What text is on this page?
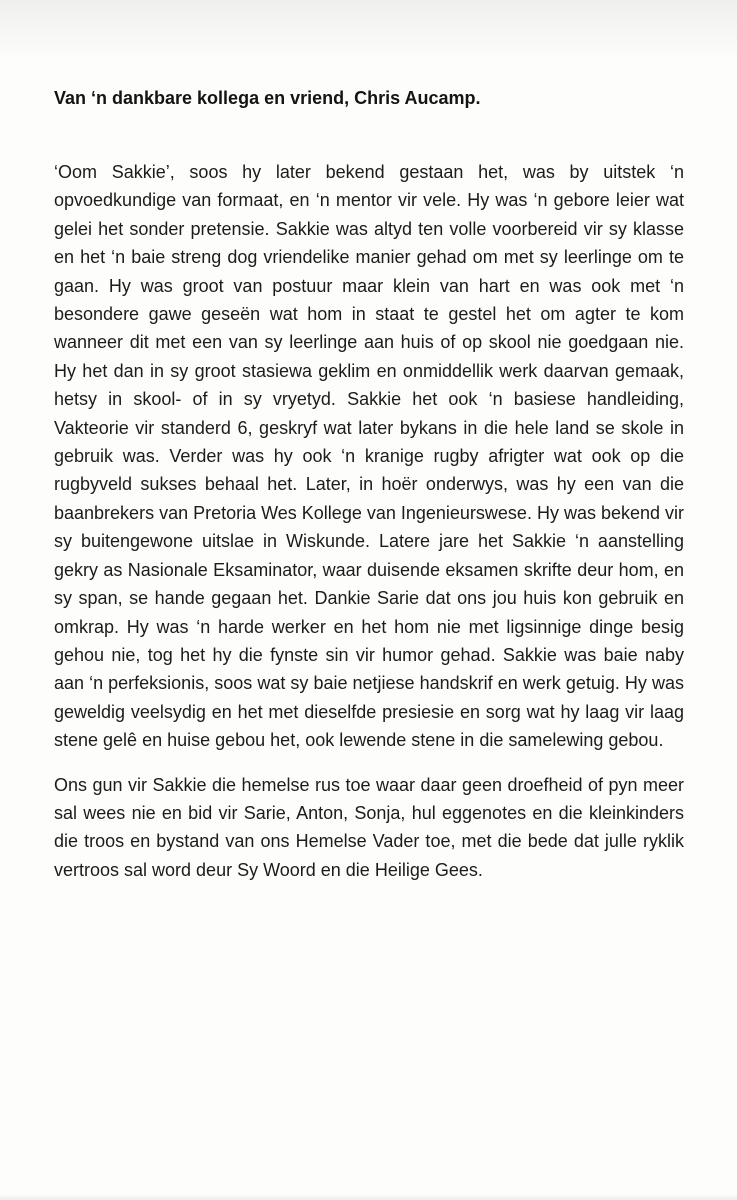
Van ‘n dankbare kollega en vriend, Chris Aucamp.

‘Oom Sakkie’, soos hy later bekend gestaan het, was by uitstek ‘n opvoedkundige van formaat, en ‘n mentor vir vele. Hy was ‘n gebore leier wat gelei het sonder pretensie. Sakkie was altyd ten volle voorbereid vir sy klasse en het ‘n baie streng dog vriendelike manier gehad om met sy leerlinge om te gaan. Hy was groot van postuur maar klein van hart en was ook met ‘n besondere gawe geseën wat hom in staat te gestel het om agter te kom wanneer dit met een van sy leerlinge aan huis of op skool nie goedgaan nie. Hy het dan in sy groot stasiewa geklim en onmiddellik werk daarvan gemaak, hetsy in skool- of in sy vryetyd. Sakkie het ook ‘n basiese handleiding, Vakteorie vir standerd 6, geskryf wat later bykans in die hele land se skole in gebruik was. Verder was hy ook ‘n kranige rugby afrigter wat ook op die rugbyveld sukses behaal het. Later, in hoër onderwys, was hy een van die baanbrekers van Pretoria Wes Kollege van Ingenieurswese. Hy was bekend vir sy buitengewone uitslae in Wiskunde. Latere jare het Sakkie ‘n aanstelling gekry as Nasionale Eksaminator, waar duisende eksamen skrifte deur hom, en sy span, se hande gegaan het. Dankie Sarie dat ons jou huis kon gebruik en omkrap. Hy was ‘n harde werker en het hom nie met ligsinnige dinge besig gehou nie, tog het hy die fynste sin vir humor gehad. Sakkie was baie naby aan ‘n perfeksionis, soos wat sy baie netjiese handskrif en werk getuig. Hy was geweldig veelsydig en het met dieselfde presiesie en sorg wat hy laag vir laag stene gelê en huise gebou het, ook lewende stene in die samelewing gebou.

Ons gun vir Sakkie die hemelse rus toe waar daar geen droefheid of pyn meer sal wees nie en bid vir Sarie, Anton, Sonja, hul eggenotes en die kleinkinders die troos en bystand van ons Hemelse Vader toe, met die bede dat julle ryklik vertroos sal word deur Sy Woord en die Heilige Gees.
